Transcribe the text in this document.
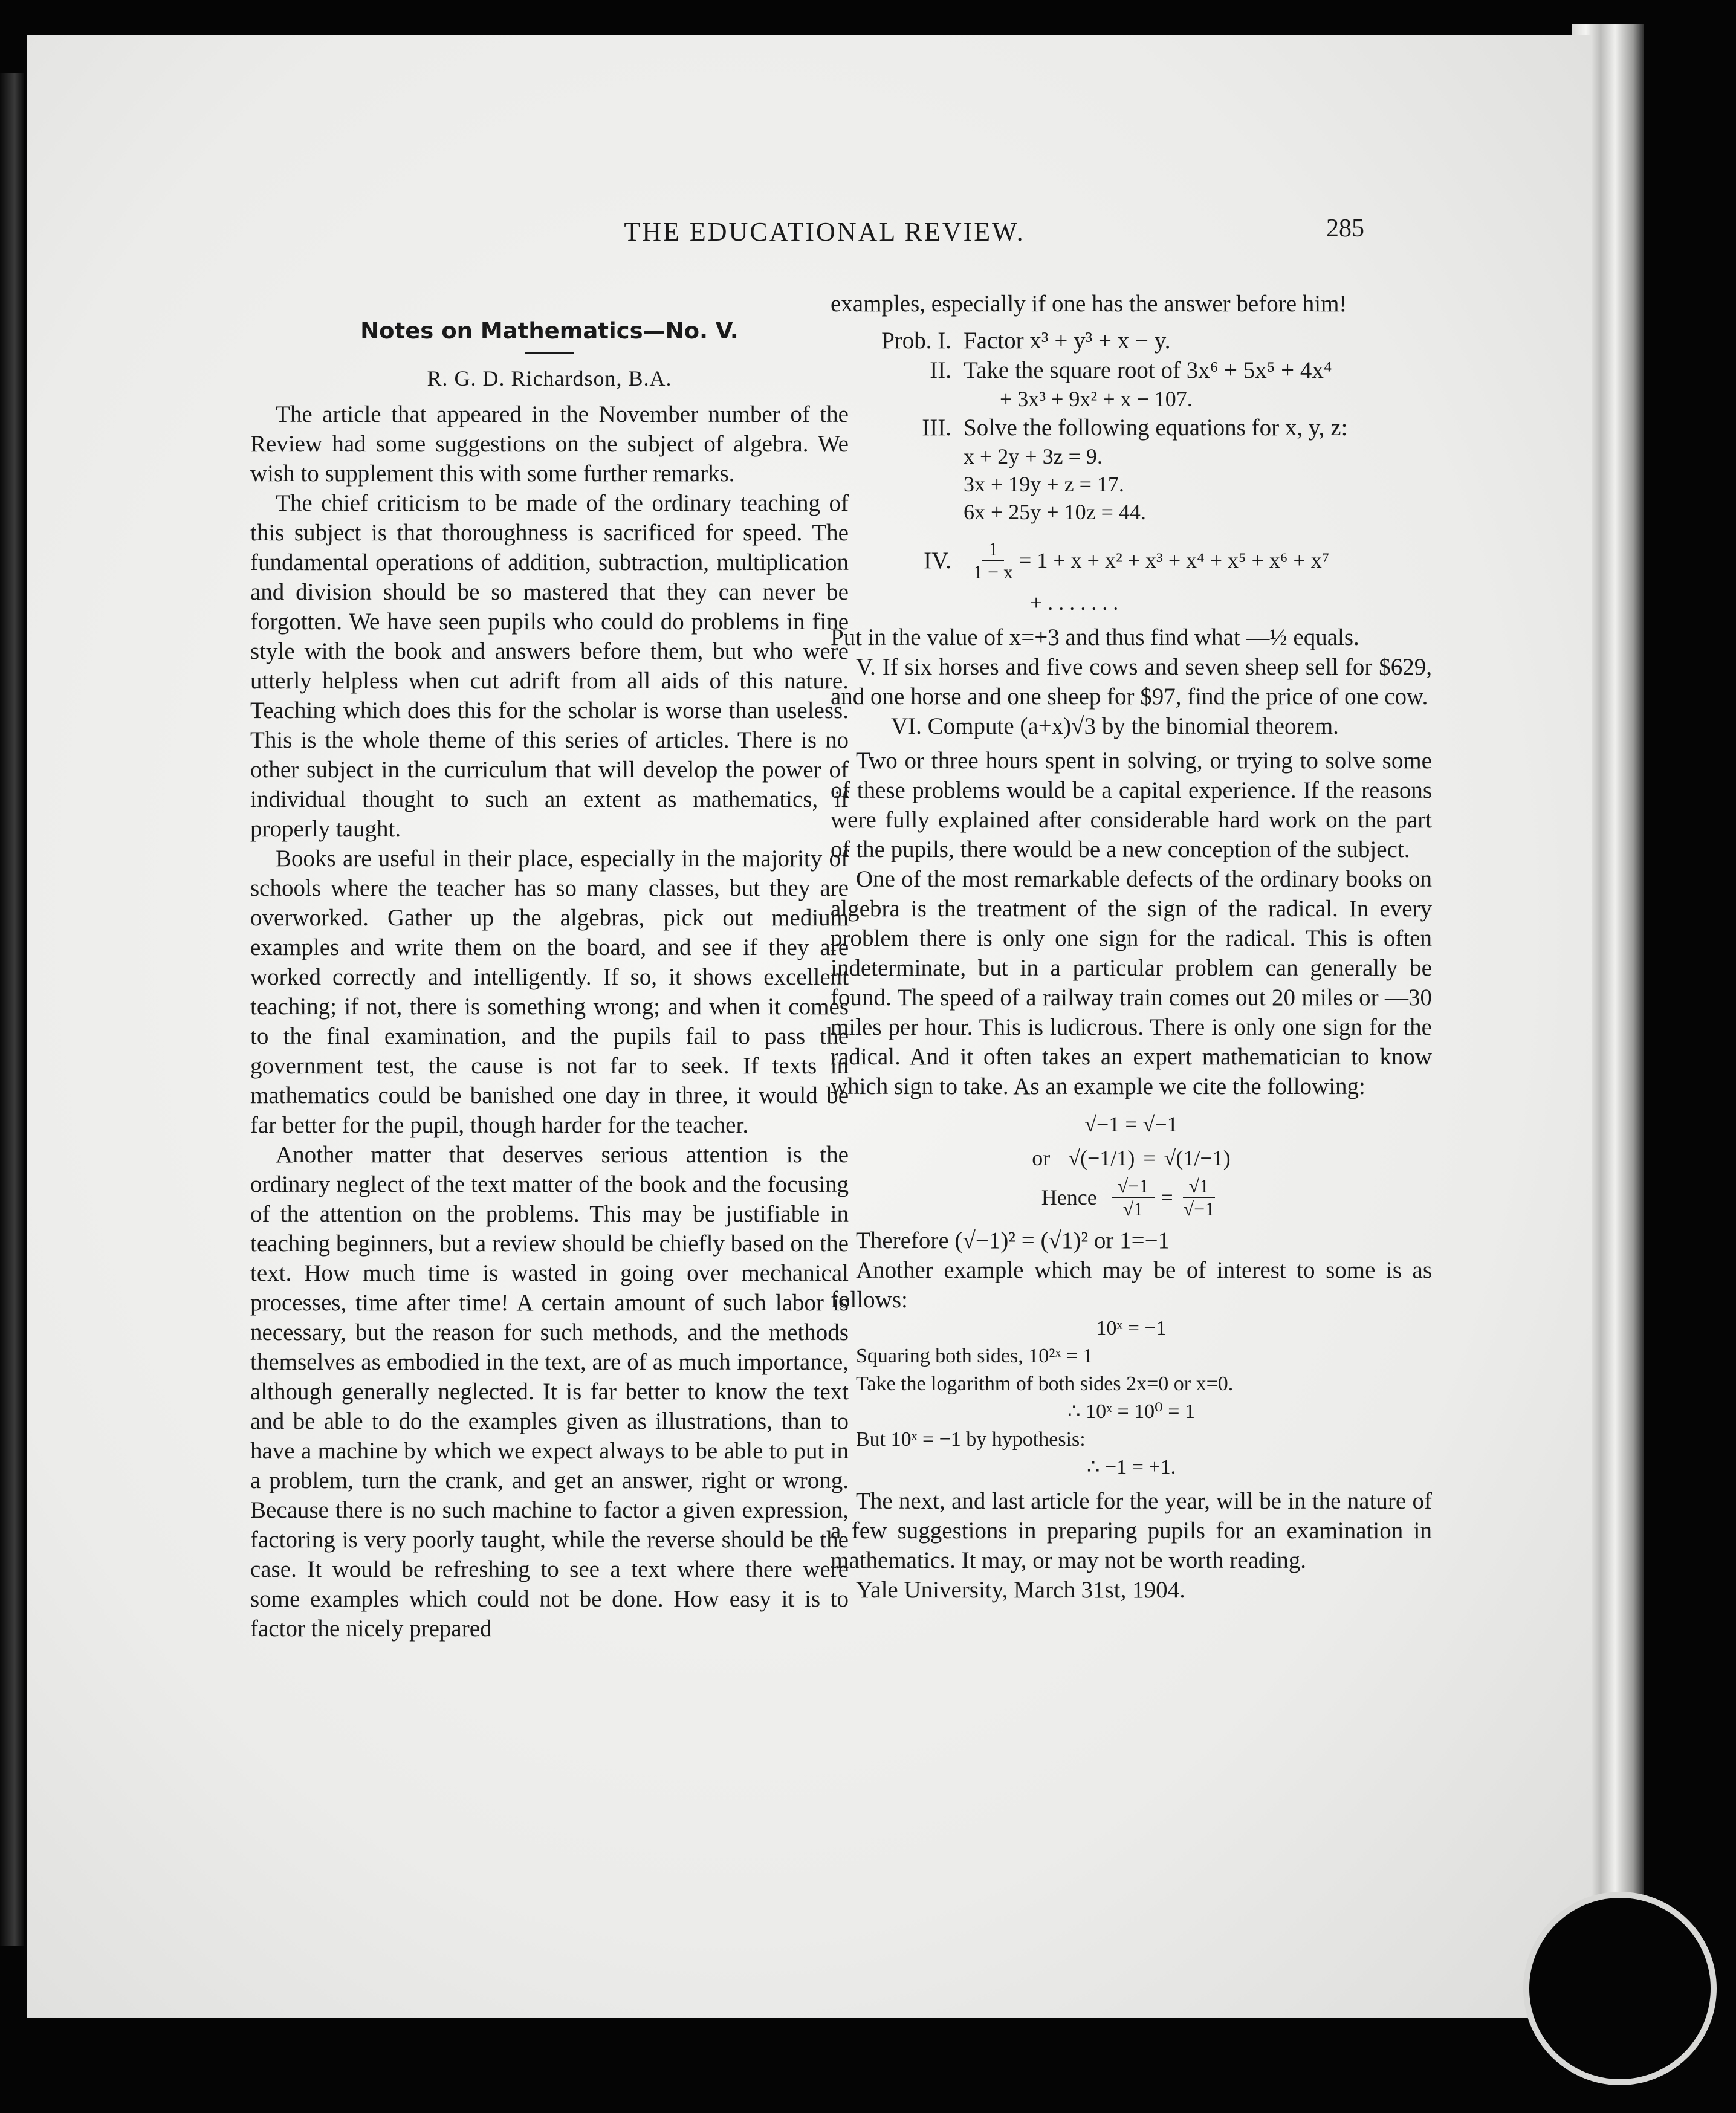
THE EDUCATIONAL REVIEW.	285
Notes on Mathematics—No. V.
R. G. D. Richardson, B.A.

The article that appeared in the November number of the Review had some suggestions on the subject of algebra. We wish to supplement this with some further remarks.

The chief criticism to be made of the ordinary teaching of this subject is that thoroughness is sacrificed for speed. The fundamental operations of addition, subtraction, multiplication and division should be so mastered that they can never be forgotten. We have seen pupils who could do problems in fine style with the book and answers before them, but who were utterly helpless when cut adrift from all aids of this nature. Teaching which does this for the scholar is worse than useless. This is the whole theme of this series of articles. There is no other subject in the curriculum that will develop the power of individual thought to such an extent as mathematics, if properly taught.

Books are useful in their place, especially in the majority of schools where the teacher has so many classes, but they are overworked. Gather up the algebras, pick out medium examples and write them on the board, and see if they are worked correctly and intelligently. If so, it shows excellent teaching; if not, there is something wrong; and when it comes to the final examination, and the pupils fail to pass the government test, the cause is not far to seek. If texts in mathematics could be banished one day in three, it would be far better for the pupil, though harder for the teacher.

Another matter that deserves serious attention is the ordinary neglect of the text matter of the book and the focusing of the attention on the problems. This may be justifiable in teaching beginners, but a review should be chiefly based on the text. How much time is wasted in going over mechanical processes, time after time! A certain amount of such labor is necessary, but the reason for such methods, and the methods themselves as embodied in the text, are of as much importance, although generally neglected. It is far better to know the text and be able to do the examples given as illustrations, than to have a machine by which we expect always to be able to put in a problem, turn the crank, and get an answer, right or wrong. Because there is no such machine to factor a given expression, factoring is very poorly taught, while the reverse should be the case. It would be refreshing to see a text where there were some examples which could not be done. How easy it is to factor the nicely prepared

examples, especially if one has the answer before him!

Prob. I. Factor x³ + y³ + x − y.
II. Take the square root of 3x⁶ + 5x⁵ + 4x⁴
+ 3x³ + 9x² + x − 107.
III. Solve the following equations for x, y, z:
x + 2y + 3z = 9.
3x + 19y + z = 17.
6x + 25y + 10z = 44.
IV.	$\frac{1}{1 - x} = 1 + x + x^2 + x^3 + x^4 + x^5 + x^6 + x^7$
+ . . . . . . .

Put in the value of x=+3 and thus find what —½ equals.

V. If six horses and five cows and seven sheep sell for $629, and one horse and one sheep for $97, find the price of one cow.

VI. Compute (a+x)√3 by the binomial theorem.

Two or three hours spent in solving, or trying to solve some of these problems would be a capital experience. If the reasons were fully explained after considerable hard work on the part of the pupils, there would be a new conception of the subject.

One of the most remarkable defects of the ordinary books on algebra is the treatment of the sign of the radical. In every problem there is only one sign for the radical. This is often indeterminate, but in a particular problem can generally be found. The speed of a railway train comes out 20 miles or —30 miles per hour. This is ludicrous. There is only one sign for the radical. And it often takes an expert mathematician to know which sign to take. As an example we cite the following:

√−1 = √−1
or √(−1/1) = √(1/−1)
Hence $\frac{√-1}{√1} = \frac{√1}{√-1}$

Therefore (√−1)² = (√1)² or 1=−1

Another example which may be of interest to some is as follows:

10ˣ = −1
Squaring both sides, 10²ˣ = 1
Take the logarithm of both sides 2x=0 or x=0.
∴ 10ˣ = 10⁰ = 1
But 10ˣ = −1 by hypothesis:
∴ −1 = +1.

The next, and last article for the year, will be in the nature of a few suggestions in preparing pupils for an examination in mathematics. It may, or may not be worth reading.

Yale University, March 31st, 1904.
